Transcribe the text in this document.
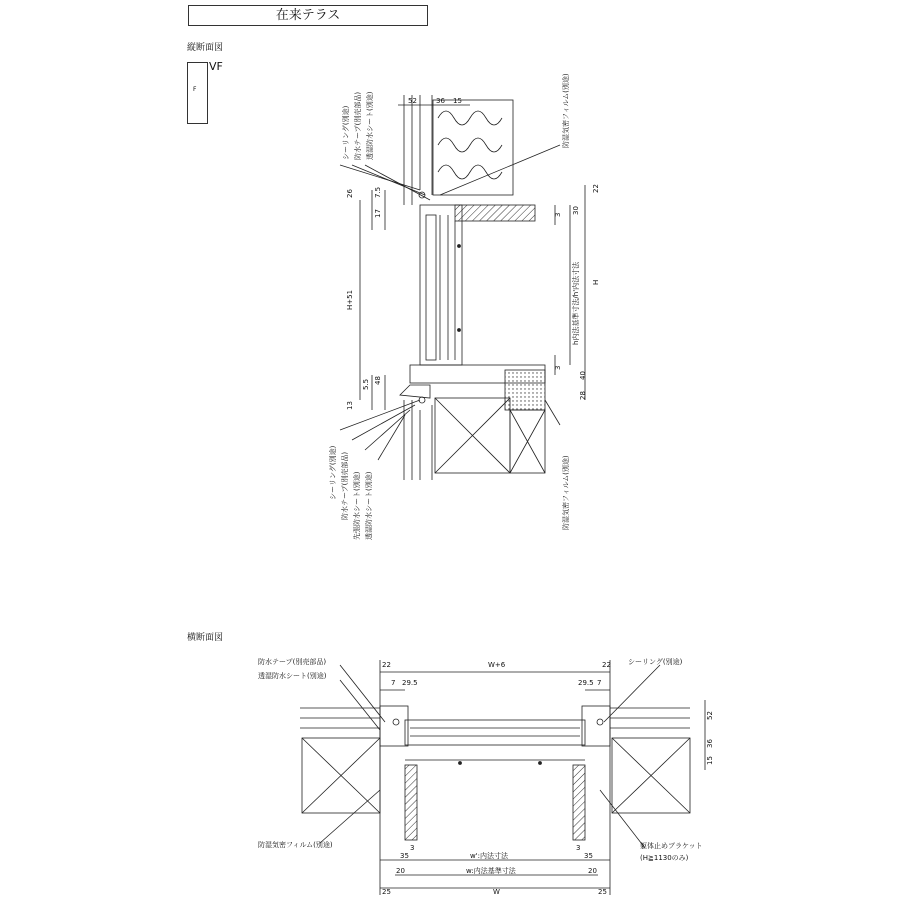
在来テラス
縦断面図
F
VF
横断面図
シーリング(別途) 防水テープ(別売部品) 透湿防水シート(別途)	防湿気密フィルム(別途)
シーリング(別途) 防水テープ(別売部品) 先張防水シート(別途) 透湿防水シート(別途)	防湿気密フィルム(別途)
52	36 15
26
17
7.5
H+51
5.5 48
13
22
30
3
H
h内法基準寸法/h'内法寸法
3
40
28
防水テープ(別売部品)
透湿防水シート(別途)
防湿気密フィルム(別途)
シーリング(別途)
躯体止めブラケット
(H≧1130のみ)
22	W+6	22
7 29.5	29.5 7
52
36
15
3	3
35	w':内法寸法	35
20	w:内法基準寸法	20
25	W	25
